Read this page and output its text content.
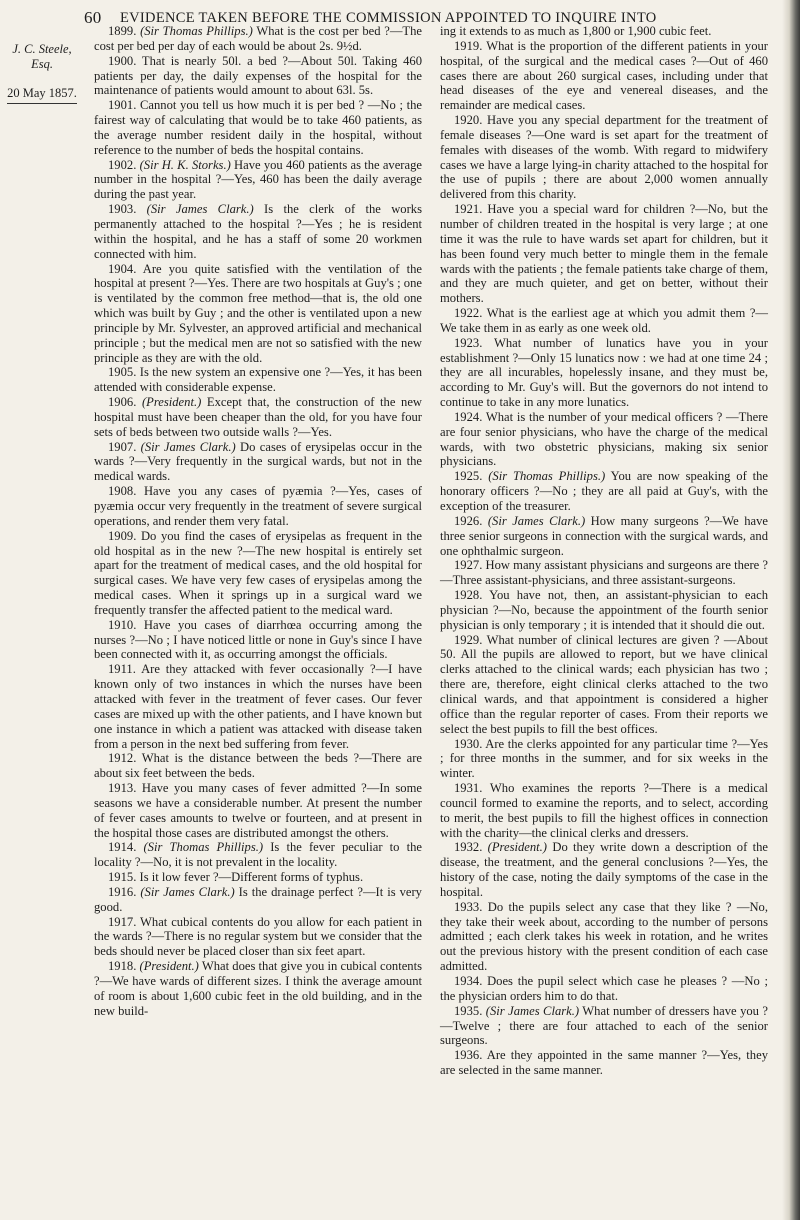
60 EVIDENCE TAKEN BEFORE THE COMMISSION APPOINTED TO INQUIRE INTO
J. C. Steele, Esq.
20 May 1857.

1899. (Sir Thomas Phillips.) What is the cost per bed ?—The cost per bed per day of each would be about 2s. 9½d.

1900. That is nearly 50l. a bed ?—About 50l. Taking 460 patients per day, the daily expenses of the hospital for the maintenance of patients would amount to about 63l. 5s.

1901. Cannot you tell us how much it is per bed ? —No ; the fairest way of calculating that would be to take 460 patients, as the average number resident daily in the hospital, without reference to the number of beds the hospital contains.

1902. (Sir H. K. Storks.) Have you 460 patients as the average number in the hospital ?—Yes, 460 has been the daily average during the past year.

1903. (Sir James Clark.) Is the clerk of the works permanently attached to the hospital ?—Yes ; he is resident within the hospital, and he has a staff of some 20 workmen connected with him.

1904. Are you quite satisfied with the ventilation of the hospital at present ?—Yes. There are two hospitals at Guy's ; one is ventilated by the common free method—that is, the old one which was built by Guy ; and the other is ventilated upon a new principle by Mr. Sylvester, an approved artificial and mechanical principle ; but the medical men are not so satisfied with the new principle as they are with the old.

1905. Is the new system an expensive one ?—Yes, it has been attended with considerable expense.

1906. (President.) Except that, the construction of the new hospital must have been cheaper than the old, for you have four sets of beds between two outside walls ?—Yes.

1907. (Sir James Clark.) Do cases of erysipelas occur in the wards ?—Very frequently in the surgical wards, but not in the medical wards.

1908. Have you any cases of pyæmia ?—Yes, cases of pyæmia occur very frequently in the treatment of severe surgical operations, and render them very fatal.

1909. Do you find the cases of erysipelas as frequent in the old hospital as in the new ?—The new hospital is entirely set apart for the treatment of medical cases, and the old hospital for surgical cases. We have very few cases of erysipelas among the medical cases. When it springs up in a surgical ward we frequently transfer the affected patient to the medical ward.

1910. Have you cases of diarrhœa occurring among the nurses ?—No ; I have noticed little or none in Guy's since I have been connected with it, as occurring amongst the officials.

1911. Are they attacked with fever occasionally ?—I have known only of two instances in which the nurses have been attacked with fever in the treatment of fever cases. Our fever cases are mixed up with the other patients, and I have known but one instance in which a patient was attacked with disease taken from a person in the next bed suffering from fever.

1912. What is the distance between the beds ?—There are about six feet between the beds.

1913. Have you many cases of fever admitted ?—In some seasons we have a considerable number. At present the number of fever cases amounts to twelve or fourteen, and at present in the hospital those cases are distributed amongst the others.

1914. (Sir Thomas Phillips.) Is the fever peculiar to the locality ?—No, it is not prevalent in the locality.

1915. Is it low fever ?—Different forms of typhus.

1916. (Sir James Clark.) Is the drainage perfect ?—It is very good.

1917. What cubical contents do you allow for each patient in the wards ?—There is no regular system but we consider that the beds should never be placed closer than six feet apart.

1918. (President.) What does that give you in cubical contents ?—We have wards of different sizes. I think the average amount of room is about 1,600 cubic feet in the old building, and in the new build-

ing it extends to as much as 1,800 or 1,900 cubic feet.

1919. What is the proportion of the different patients in your hospital, of the surgical and the medical cases ?—Out of 460 cases there are about 260 surgical cases, including under that head diseases of the eye and venereal diseases, and the remainder are medical cases.

1920. Have you any special department for the treatment of female diseases ?—One ward is set apart for the treatment of females with diseases of the womb. With regard to midwifery cases we have a large lying-in charity attached to the hospital for the use of pupils ; there are about 2,000 women annually delivered from this charity.

1921. Have you a special ward for children ?—No, but the number of children treated in the hospital is very large ; at one time it was the rule to have wards set apart for children, but it has been found very much better to mingle them in the female wards with the patients ; the female patients take charge of them, and they are much quieter, and get on better, without their mothers.

1922. What is the earliest age at which you admit them ?—We take them in as early as one week old.

1923. What number of lunatics have you in your establishment ?—Only 15 lunatics now : we had at one time 24 ; they are all incurables, hopelessly insane, and they must be, according to Mr. Guy's will. But the governors do not intend to continue to take in any more lunatics.

1924. What is the number of your medical officers ? —There are four senior physicians, who have the charge of the medical wards, with two obstetric physicians, making six senior physicians.

1925. (Sir Thomas Phillips.) You are now speaking of the honorary officers ?—No ; they are all paid at Guy's, with the exception of the treasurer.

1926. (Sir James Clark.) How many surgeons ?—We have three senior surgeons in connection with the surgical wards, and one ophthalmic surgeon.

1927. How many assistant physicians and surgeons are there ?—Three assistant-physicians, and three assistant-surgeons.

1928. You have not, then, an assistant-physician to each physician ?—No, because the appointment of the fourth senior physician is only temporary ; it is intended that it should die out.

1929. What number of clinical lectures are given ? —About 50. All the pupils are allowed to report, but we have clinical clerks attached to the clinical wards; each physician has two ; there are, therefore, eight clinical clerks attached to the two clinical wards, and that appointment is considered a higher office than the regular reporter of cases. From their reports we select the best pupils to fill the best offices.

1930. Are the clerks appointed for any particular time ?—Yes ; for three months in the summer, and for six weeks in the winter.

1931. Who examines the reports ?—There is a medical council formed to examine the reports, and to select, according to merit, the best pupils to fill the highest offices in connection with the charity—the clinical clerks and dressers.

1932. (President.) Do they write down a description of the disease, the treatment, and the general conclusions ?—Yes, the history of the case, noting the daily symptoms of the case in the hospital.

1933. Do the pupils select any case that they like ? —No, they take their week about, according to the number of persons admitted ; each clerk takes his week in rotation, and he writes out the previous history with the present condition of each case admitted.

1934. Does the pupil select which case he pleases ? —No ; the physician orders him to do that.

1935. (Sir James Clark.) What number of dressers have you ?—Twelve ; there are four attached to each of the senior surgeons.

1936. Are they appointed in the same manner ?—Yes, they are selected in the same manner.
